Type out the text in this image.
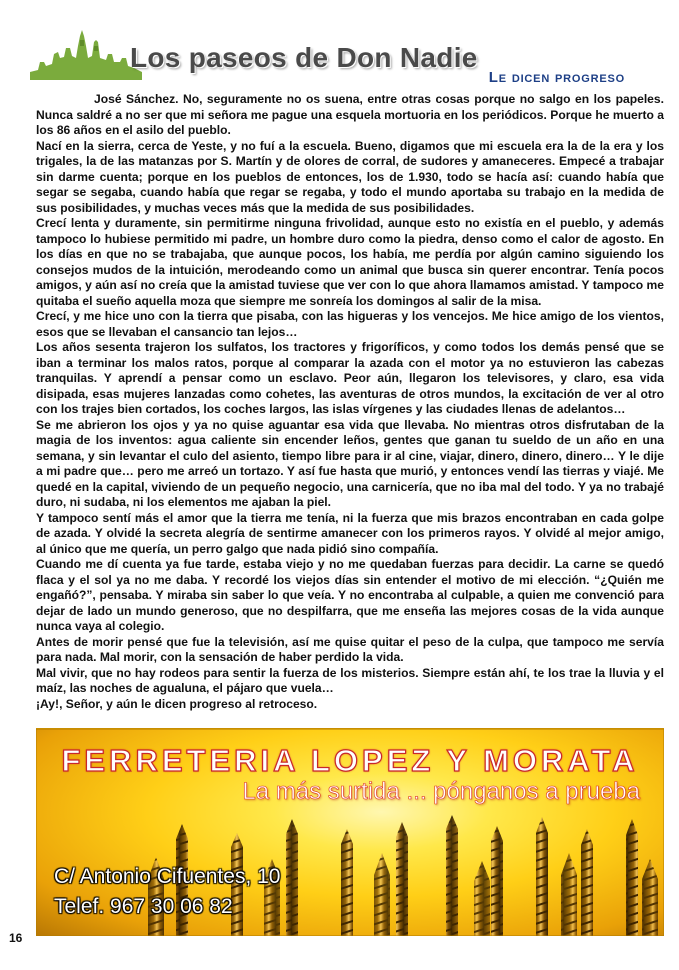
Los paseos de Don Nadie
Le dicen progreso

José Sánchez. No, seguramente no os suena, entre otras cosas porque no salgo en los papeles. Nunca saldré a no ser que mi señora me pague una esquela mortuoria en los periódicos. Porque he muerto a los 86 años en el asilo del pueblo.

Nací en la sierra, cerca de Yeste, y no fuí a la escuela. Bueno, digamos que mi escuela era la de la era y los trigales, la de las matanzas por S. Martín y de olores de corral, de sudores y amaneceres. Empecé a trabajar sin darme cuenta; porque en los pueblos de entonces, los de 1.930, todo se hacía así: cuando había que segar se segaba, cuando había que regar se regaba, y todo el mundo aportaba su trabajo en la medida de sus posibilidades, y muchas veces más que la medida de sus posibilidades.

Crecí lenta y duramente, sin permitirme ninguna frivolidad, aunque esto no existía en el pueblo, y además tampoco lo hubiese permitido mi padre, un hombre duro como la piedra, denso como el calor de agosto. En los días en que no se trabajaba, que aunque pocos, los había, me perdía por algún camino siguiendo los consejos mudos de la intuición, merodeando como un animal que busca sin querer encontrar. Tenía pocos amigos, y aún así no creía que la amistad tuviese que ver con lo que ahora llamamos amistad. Y tampoco me quitaba el sueño aquella moza que siempre me sonreía los domingos al salir de la misa.

Crecí, y me hice uno con la tierra que pisaba, con las higueras y los vencejos. Me hice amigo de los vientos, esos que se llevaban el cansancio tan lejos…

Los años sesenta trajeron los sulfatos, los tractores y frigoríficos, y como todos los demás pensé que se iban a terminar los malos ratos, porque al comparar la azada con el motor ya no estuvieron las cabezas tranquilas. Y aprendí a pensar como un esclavo. Peor aún, llegaron los televisores, y claro, esa vida disipada, esas mujeres lanzadas como cohetes, las aventuras de otros mundos, la excitación de ver al otro con los trajes bien cortados, los coches largos, las islas vírgenes y las ciudades llenas de adelantos…

Se me abrieron los ojos y ya no quise aguantar esa vida que llevaba. No mientras otros disfrutaban de la magia de los inventos: agua caliente sin encender leños, gentes que ganan tu sueldo de un año en una semana, y sin levantar el culo del asiento, tiempo libre para ir al cine, viajar, dinero, dinero, dinero… Y le dije a mi padre que… pero me arreó un tortazo. Y así fue hasta que murió, y entonces vendí las tierras y viajé. Me quedé en la capital, viviendo de un pequeño negocio, una carnicería, que no iba mal del todo. Y ya no trabajé duro, ni sudaba, ni los elementos me ajaban la piel.

Y tampoco sentí más el amor que la tierra me tenía, ni la fuerza que mis brazos encontraban en cada golpe de azada. Y olvidé la secreta alegría de sentirme amanecer con los primeros rayos. Y olvidé al mejor amigo, al único que me quería, un perro galgo que nada pidió sino compañía.

Cuando me dí cuenta ya fue tarde, estaba viejo y no me quedaban fuerzas para decidir. La carne se quedó flaca y el sol ya no me daba. Y recordé los viejos días sin entender el motivo de mi elección. “¿Quién me engañó?”, pensaba. Y miraba sin saber lo que veía. Y no encontraba al culpable, a quien me convenció para dejar de lado un mundo generoso, que no despilfarra, que me enseña las mejores cosas de la vida aunque nunca vaya al colegio.

Antes de morir pensé que fue la televisión, así me quise quitar el peso de la culpa, que tampoco me servía para nada. Mal morir, con la sensación de haber perdido la vida.

Mal vivir, que no hay rodeos para sentir la fuerza de los misterios. Siempre están ahí, te los trae la lluvia y el maíz, las noches de agualuna, el pájaro que vuela…

¡Ay!, Señor, y aún le dicen progreso al retroceso.

FERRETERIA LOPEZ Y MORATA
La más surtida ... pónganos a prueba
C/ Antonio Cifuentes, 10
Telef. 967 30 06 82
16
